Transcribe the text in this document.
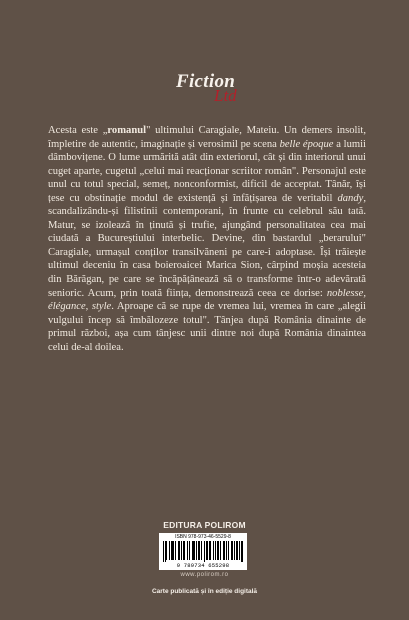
Fiction
Ltd

Acesta este „romanul" ultimului Caragiale, Mateiu. Un demers insolit, împletire de autentic, imaginație și verosimil pe scena belle époque a lumii dâmbovițene. O lume urmărită atât din exteriorul, cât și din interiorul unui cuget aparte, cugetul „celui mai reacționar scriitor român". Personajul este unul cu totul special, semeț, nonconformist, dificil de acceptat. Tânăr, își țese cu obstinație modul de existență și înfățișarea de veritabil dandy, scandalizându-și filistinii contemporani, în frunte cu celebrul său tată. Matur, se izolează în ținută și trufie, ajungând personalitatea cea mai ciudată a Bucureștiului interbelic. Devine, din bastardul „berarului" Caragiale, urmașul conților transilvăneni pe care-i adoptase. Își trăiește ultimul deceniu în casa boieroaicei Marica Sion, cârpind moșia acesteia din Bărăgan, pe care se încăpățânează să o transforme într-o adevărată senioric. Acum, prin toată ființa, demonstrează ceea ce dorise: noblesse, élégance, style. Aproape că se rupe de vremea lui, vremea în care „alegii vulgului încep să îmbălozeze totul". Tânjea după România dinainte de primul război, așa cum tânjesc unii dintre noi după România dinaintea celui de-al doilea.

EDITURA POLIROM
ISBN 978-973-46-5529-8
9 789734 655298
www.polirom.ro
Carte publicată și în ediție digitală
